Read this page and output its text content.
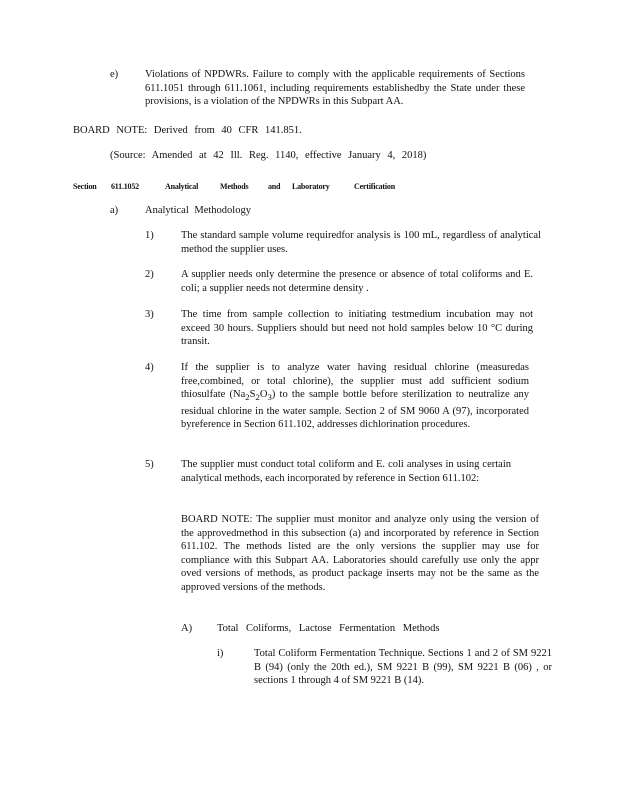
e)	Violations of NPDWRs. Failure to comply with the applicable requirements of Sections 611.1051 through 611.1061, including requirements establishedby the State under these provisions, is a violation of the NPDWRs in this Subpart AA.

BOARD NOTE: Derived from 40 CFR 141.851.

(Source: Amended at 42 Ill. Reg. 1140, effective January 4, 2018)

Section 611.1052	Analytical	Methods and Laboratory	Certification
a)	Analytical Methodology

1)	The standard sample volume requiredfor analysis is 100 mL, regardless of analytical method the supplier uses.

2)	A supplier needs only determine the presence or absence of total coliforms and E. coli; a supplier needs not determine density .

3)	The time from sample collection to initiating testmedium incubation may not exceed 30 hours. Suppliers should but need not hold samples below 10 °C during transit.

4)	If the supplier is to analyze water having residual chlorine (measuredas free,combined, or total chlorine), the supplier must add sufficient sodium thiosulfate $(Na_2S_2O_3)$ to the sample bottle before sterilization to neutralize any residual chlorine in the water sample. Section 2 of SM 9060 A (97), incorporated byreference in Section 611.102, addresses dichlorination procedures.

5)	The supplier must conduct total coliform and E. coli analyses in using certain analytical methods, each incorporated by reference in Section 611.102:

BOARD NOTE: The supplier must monitor and analyze only using the version of the approvedmethod in this subsection (a) and incorporated by reference in Section 611.102. The methods listed are the only versions the supplier may use for compliance with this Subpart AA. Laboratories should carefully use only the appr oved versions of methods, as product package inserts may not be the same as the approved versions of the methods.

A) Total Coliforms, Lactose Fermentation Methods

i)	Total Coliform Fermentation Technique. Sections 1 and 2 of SM 9221 B (94) (only the 20th ed.), SM 9221 B (99), SM 9221 B (06) , or sections 1 through 4 of SM 9221 B (14).
